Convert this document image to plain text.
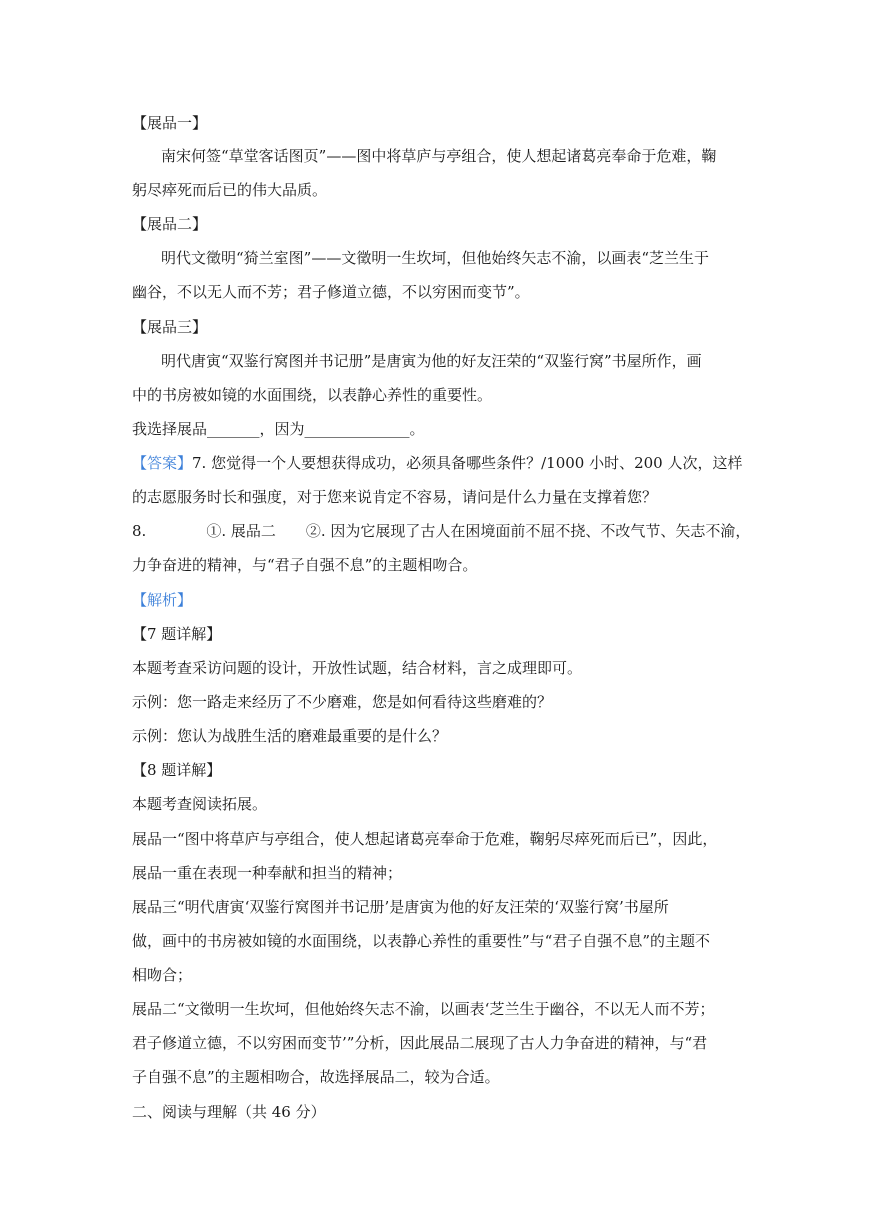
【展品一】
南宋何签“草堂客话图页”——图中将草庐与亭组合，使人想起诸葛亮奉命于危难，鞠
躬尽瘁死而后已的伟大品质。
【展品二】
明代文徵明“猗兰室图”——文徵明一生坎坷，但他始终矢志不渝，以画表“芝兰生于
幽谷，不以无人而不芳；君子修道立德，不以穷困而变节”。
【展品三】
明代唐寅“双鉴行窝图并书记册”是唐寅为他的好友汪荣的“双鉴行窝”书屋所作，画
中的书房被如镜的水面围绕，以表静心养性的重要性。
我选择展品_______，因为______________。
【答案】7. 您觉得一个人要想获得成功，必须具备哪些条件？/1000 小时、200 人次，这样
的志愿服务时长和强度，对于您来说肯定不容易，请问是什么力量在支撑着您？
8.	①. 展品二 ②. 因为它展现了古人在困境面前不屈不挠、不改气节、矢志不渝，
力争奋进的精神，与“君子自强不息”的主题相吻合。
【解析】
【7 题详解】
本题考查采访问题的设计，开放性试题，结合材料，言之成理即可。
示例：您一路走来经历了不少磨难，您是如何看待这些磨难的？
示例：您认为战胜生活的磨难最重要的是什么？
【8 题详解】
本题考查阅读拓展。
展品一“图中将草庐与亭组合，使人想起诸葛亮奉命于危难，鞠躬尽瘁死而后已”，因此，
展品一重在表现一种奉献和担当的精神；
展品三“明代唐寅‘双鉴行窝图并书记册’是唐寅为他的好友汪荣的‘双鉴行窝’书屋所
做，画中的书房被如镜的水面围绕，以表静心养性的重要性”与“君子自强不息”的主题不
相吻合；
展品二“文徵明一生坎坷，但他始终矢志不渝，以画表‘芝兰生于幽谷，不以无人而不芳；
君子修道立德，不以穷困而变节’”分析，因此展品二展现了古人力争奋进的精神，与“君
子自强不息”的主题相吻合，故选择展品二，较为合适。
二、阅读与理解（共 46 分）
